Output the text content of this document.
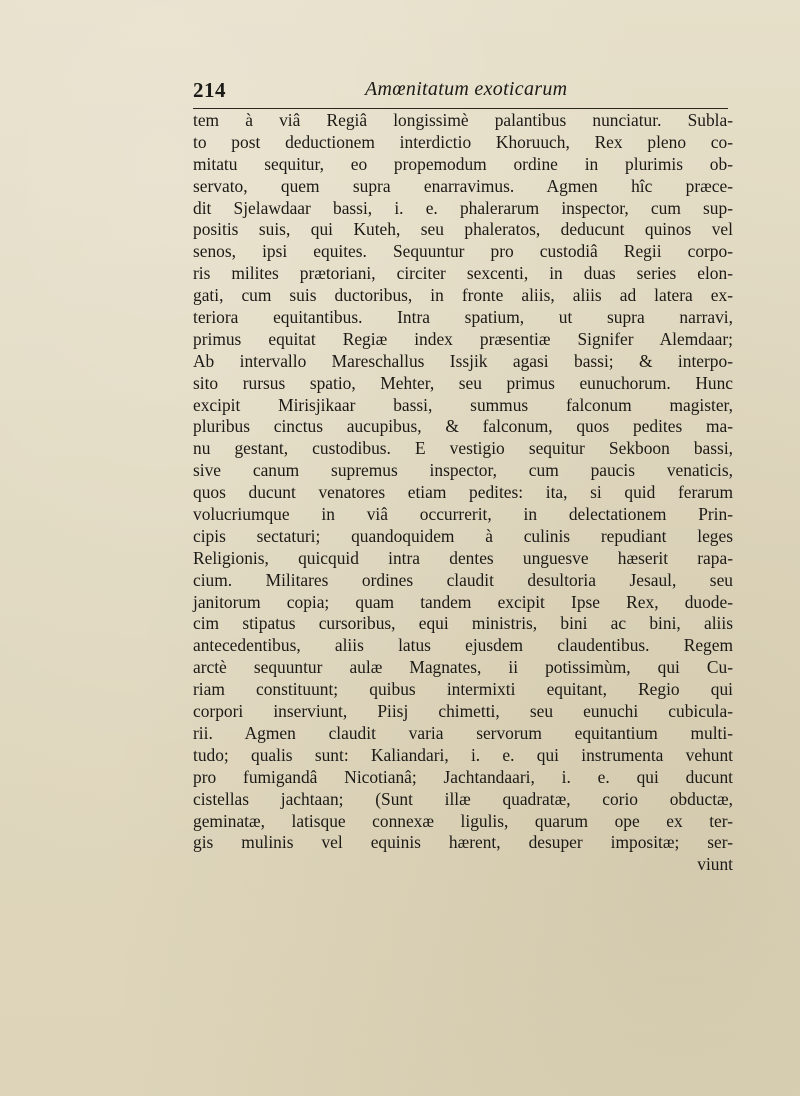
214	Amœnitatum exoticarum
tem à viâ Regiâ longissimè palantibus nunciatur. Subla-
to post deductionem interdictio Khoruuch, Rex pleno co-
mitatu sequitur, eo propemodum ordine in plurimis ob-
servato, quem supra enarravimus. Agmen hîc præce-
dit Sjelawdaar bassi, i. e. phalerarum inspector, cum sup-
positis suis, qui Kuteh, seu phaleratos, deducunt quinos vel
senos, ipsi equites. Sequuntur pro custodiâ Regii corpo-
ris milites prætoriani, circiter sexcenti, in duas series elon-
gati, cum suis ductoribus, in fronte aliis, aliis ad latera ex-
teriora equitantibus. Intra spatium, ut supra narravi,
primus equitat Regiæ index præsentiæ Signifer Alemdaar;
Ab intervallo Mareschallus Issjik agasi bassi; & interpo-
sito rursus spatio, Mehter, seu primus eunuchorum. Hunc
excipit Mirisjikaar bassi, summus falconum magister,
pluribus cinctus aucupibus, & falconum, quos pedites ma-
nu gestant, custodibus. E vestigio sequitur Sekboon bassi,
sive canum supremus inspector, cum paucis venaticis,
quos ducunt venatores etiam pedites: ita, si quid ferarum
volucriumque in viâ occurrerit, in delectationem Prin-
cipis sectaturi; quandoquidem à culinis repudiant leges
Religionis, quicquid intra dentes unguesve hæserit rapa-
cium. Militares ordines claudit desultoria Jesaul, seu
janitorum copia; quam tandem excipit Ipse Rex, duode-
cim stipatus cursoribus, equi ministris, bini ac bini, aliis
antecedentibus, aliis latus ejusdem claudentibus. Regem
arctè sequuntur aulæ Magnates, ii potissimùm, qui Cu-
riam constituunt; quibus intermixti equitant, Regio qui
corpori inserviunt, Piisj chimetti, seu eunuchi cubicula-
rii. Agmen claudit varia servorum equitantium multi-
tudo; qualis sunt: Kaliandari, i. e. qui instrumenta vehunt
pro fumigandâ Nicotianâ; Jachtandaari, i. e. qui ducunt
cistellas jachtaan; (Sunt illæ quadratæ, corio obductæ,
geminatæ, latisque connexæ ligulis, quarum ope ex ter-
gis mulinis vel equinis hærent, desuper impositæ; ser-
viunt
